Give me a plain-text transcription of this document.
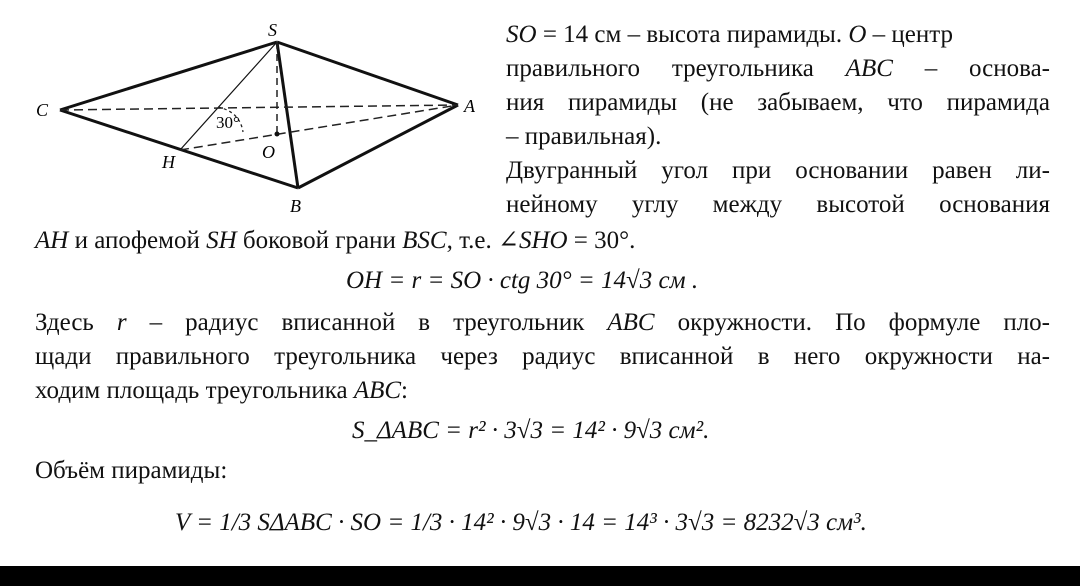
S
C	A
B
H	O
30°
SO = 14 см – высота пирамиды. O – центр
правильного треугольника ABC – основа-
ния пирамиды (не забываем, что пирамида
– правильная).
Двугранный угол при основании равен ли-
нейному углу между высотой основания
AH и апофемой SH боковой грани BSC, т.е. ∠SHO = 30°.
OH = r = SO · ctg 30° = 14√3 см .
Здесь r – радиус вписанной в треугольник ABC окружности. По формуле пло-
щади правильного треугольника через радиус вписанной в него окружности на-
ходим площадь треугольника ABC:
S_ΔABC = r² · 3√3 = 14² · 9√3 см².
Объём пирамиды:
V = 1/3 SΔABC · SO = 1/3 · 14² · 9√3 · 14 = 14³ · 3√3 = 8232√3 см³.
